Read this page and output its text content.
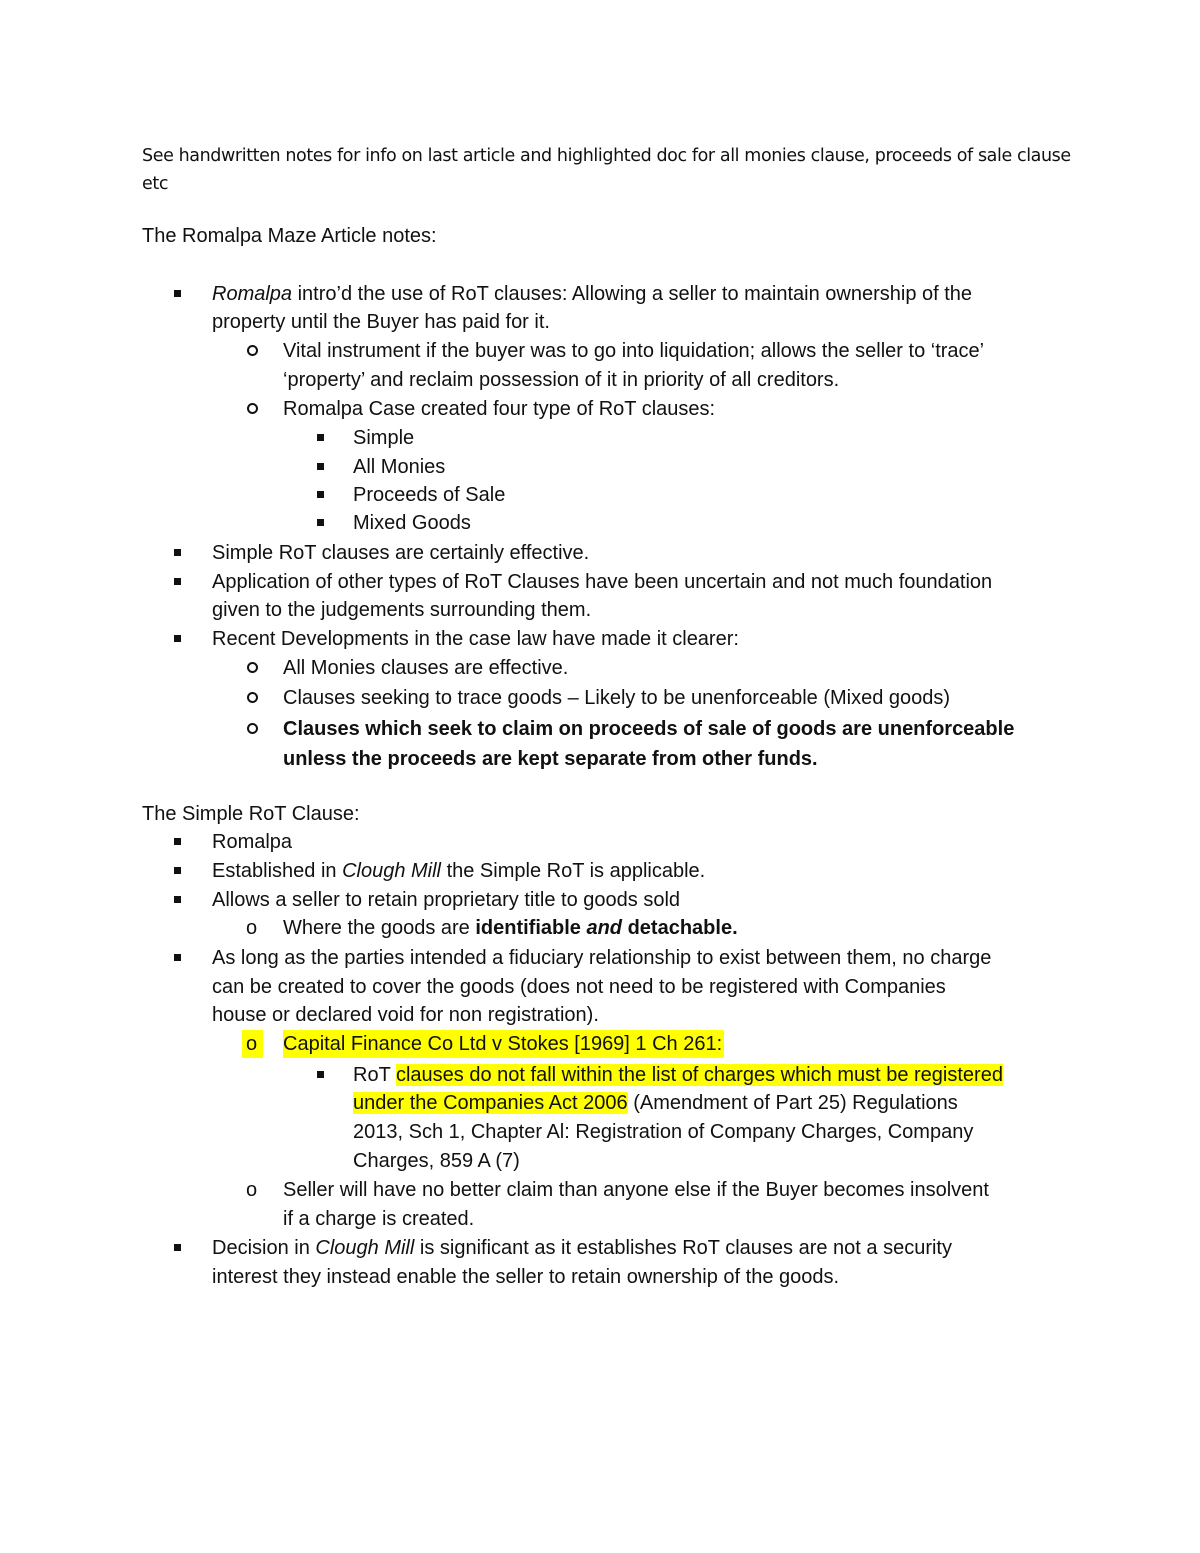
See handwritten notes for info on last article and highlighted doc for all monies clause, proceeds of sale clause etc
The Romalpa Maze Article notes:
Romalpa intro’d the use of RoT clauses: Allowing a seller to maintain ownership of the
property until the Buyer has paid for it.
Vital instrument if the buyer was to go into liquidation; allows the seller to ‘trace’
‘property’ and reclaim possession of it in priority of all creditors.
Romalpa Case created four type of RoT clauses:
Simple
All Monies
Proceeds of Sale
Mixed Goods
Simple RoT clauses are certainly effective.
Application of other types of RoT Clauses have been uncertain and not much foundation
given to the judgements surrounding them.
Recent Developments in the case law have made it clearer:
All Monies clauses are effective.
Clauses seeking to trace goods – Likely to be unenforceable (Mixed goods)
Clauses which seek to claim on proceeds of sale of goods are unenforceable
unless the proceeds are kept separate from other funds.
The Simple RoT Clause:
Romalpa
Established in Clough Mill the Simple RoT is applicable.
Allows a seller to retain proprietary title to goods sold
o Where the goods are identifiable and detachable.
As long as the parties intended a fiduciary relationship to exist between them, no charge
can be created to cover the goods (does not need to be registered with Companies
house or declared void for non registration).
o	Capital Finance Co Ltd v Stokes [1969] 1 Ch 261:
RoT clauses do not fall within the list of charges which must be registered
under the Companies Act 2006 (Amendment of Part 25) Regulations
2013, Sch 1, Chapter Al: Registration of Company Charges, Company
Charges, 859 A (7)
o Seller will have no better claim than anyone else if the Buyer becomes insolvent
if a charge is created.
Decision in Clough Mill is significant as it establishes RoT clauses are not a security
interest they instead enable the seller to retain ownership of the goods.
